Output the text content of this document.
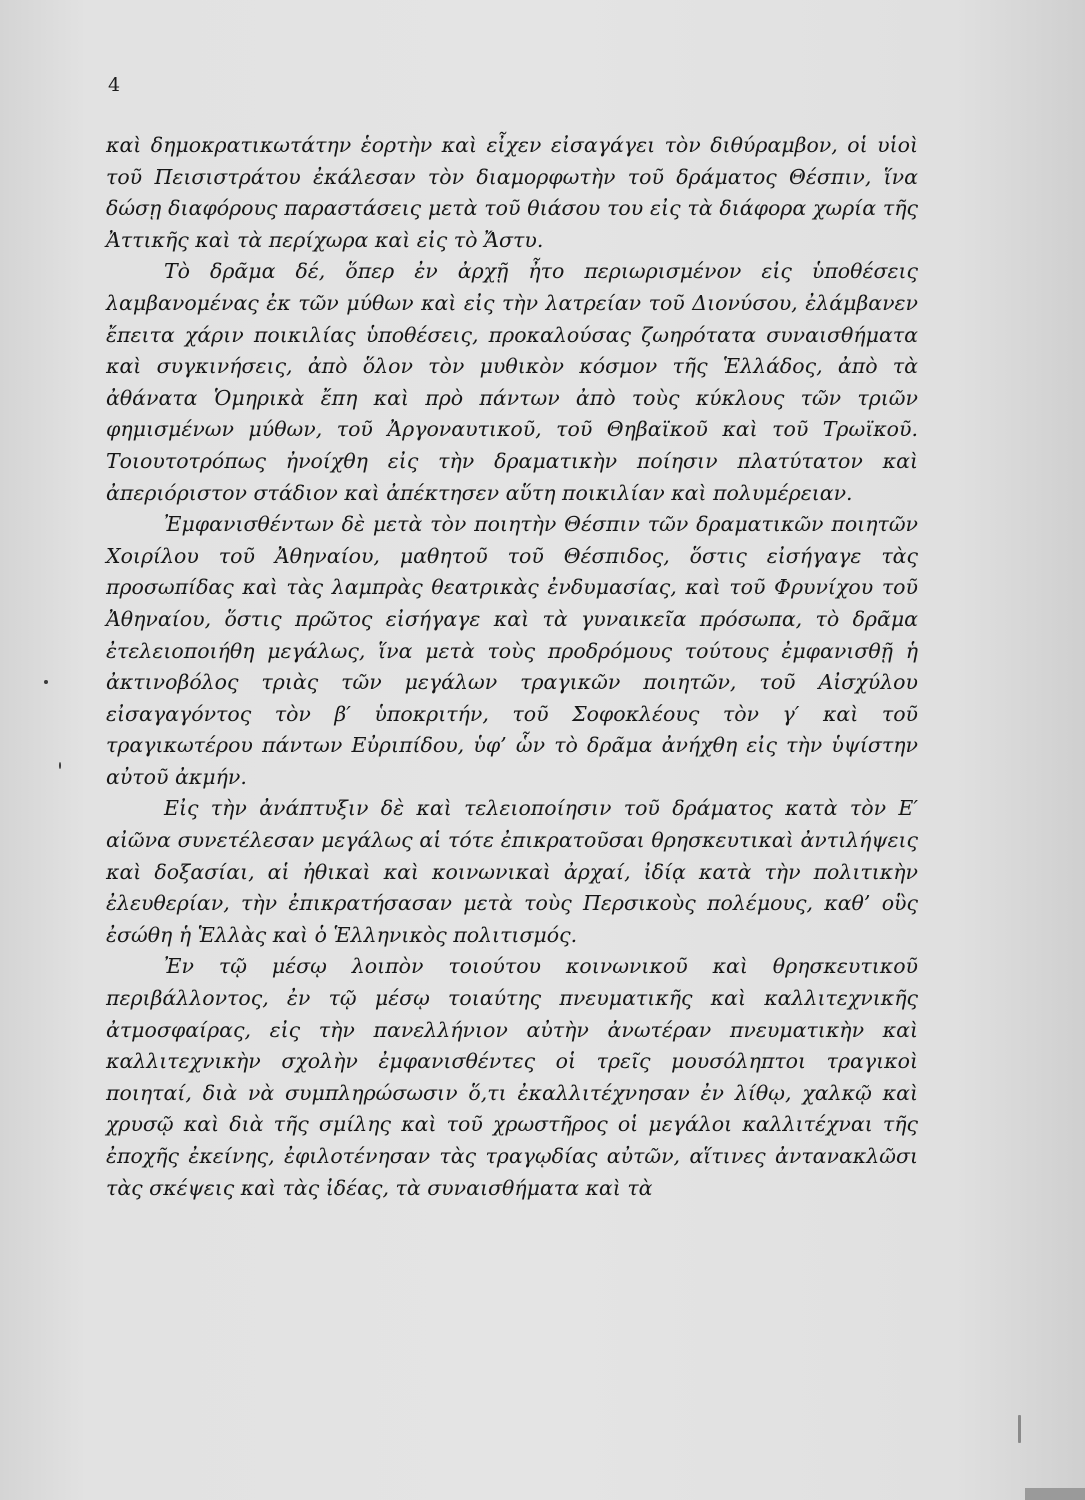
4

καὶ δημοκρατικωτάτην ἑορτὴν καὶ εἶχεν εἰσαγάγει τὸν διθύραμβον, οἱ υἱοὶ τοῦ Πεισιστράτου ἐκάλεσαν τὸν διαμορφωτὴν τοῦ δράματος Θέσπιν, ἵνα δώσῃ διαφόρους παραστάσεις μετὰ τοῦ θιάσου του εἰς τὰ διάφορα χωρία τῆς Ἀττικῆς καὶ τὰ περίχωρα καὶ εἰς τὸ Ἄστυ.

Τὸ δρᾶμα δέ, ὅπερ ἐν ἀρχῇ ἦτο περιωρισμένον εἰς ὑποθέσεις λαμβανομένας ἐκ τῶν μύθων καὶ εἰς τὴν λατρείαν τοῦ Διονύσου, ἐλάμβανεν ἔπειτα χάριν ποικιλίας ὑποθέσεις, προκαλούσας ζωηρότατα συναισθήματα καὶ συγκινήσεις, ἀπὸ ὅλον τὸν μυθικὸν κόσμον τῆς Ἑλλάδος, ἀπὸ τὰ ἀθάνατα Ὁμηρικὰ ἔπη καὶ πρὸ πάντων ἀπὸ τοὺς κύκλους τῶν τριῶν φημισμένων μύθων, τοῦ Ἀργοναυτικοῦ, τοῦ Θηβαϊκοῦ καὶ τοῦ Τρωϊκοῦ. Τοιουτοτρόπως ἠνοίχθη εἰς τὴν δραματικὴν ποίησιν πλατύτατον καὶ ἀπεριόριστον στάδιον καὶ ἀπέκτησεν αὕτη ποικιλίαν καὶ πολυμέρειαν.

Ἐμφανισθέντων δὲ μετὰ τὸν ποιητὴν Θέσπιν τῶν δραματικῶν ποιητῶν Χοιρίλου τοῦ Ἀθηναίου, μαθητοῦ τοῦ Θέσπιδος, ὅστις εἰσήγαγε τὰς προσωπίδας καὶ τὰς λαμπρὰς θεατρικὰς ἐνδυμασίας, καὶ τοῦ Φρυνίχου τοῦ Ἀθηναίου, ὅστις πρῶτος εἰσήγαγε καὶ τὰ γυναικεῖα πρόσωπα, τὸ δρᾶμα ἐτελειοποιήθη μεγάλως, ἵνα μετὰ τοὺς προδρόμους τούτους ἐμφανισθῇ ἡ ἀκτινοβόλος τριὰς τῶν μεγάλων τραγικῶν ποιητῶν, τοῦ Αἰσχύλου εἰσαγαγόντος τὸν β′ ὑποκριτήν, τοῦ Σοφοκλέους τὸν γ′ καὶ τοῦ τραγικωτέρου πάντων Εὐριπίδου, ὑφ’ ὧν τὸ δρᾶμα ἀνήχθη εἰς τὴν ὑψίστην αὐτοῦ ἀκμήν.

Εἰς τὴν ἀνάπτυξιν δὲ καὶ τελειοποίησιν τοῦ δράματος κατὰ τὸν Ε′ αἰῶνα συνετέλεσαν μεγάλως αἱ τότε ἐπικρατοῦσαι θρησκευτικαὶ ἀντιλήψεις καὶ δοξασίαι, αἱ ἠθικαὶ καὶ κοινωνικαὶ ἀρχαί, ἰδίᾳ κατὰ τὴν πολιτικὴν ἐλευθερίαν, τὴν ἐπικρατήσασαν μετὰ τοὺς Περσικοὺς πολέμους, καθ’ οὓς ἐσώθη ἡ Ἑλλὰς καὶ ὁ Ἑλληνικὸς πολιτισμός.

Ἐν τῷ μέσῳ λοιπὸν τοιούτου κοινωνικοῦ καὶ θρησκευτικοῦ περιβάλλοντος, ἐν τῷ μέσῳ τοιαύτης πνευματικῆς καὶ καλλιτεχνικῆς ἀτμοσφαίρας, εἰς τὴν πανελλήνιον αὐτὴν ἀνωτέραν πνευματικὴν καὶ καλλιτεχνικὴν σχολὴν ἐμφανισθέντες οἱ τρεῖς μουσόληπτοι τραγικοὶ ποιηταί, διὰ νὰ συμπληρώσωσιν ὅ,τι ἐκαλλιτέχνησαν ἐν λίθῳ, χαλκῷ καὶ χρυσῷ καὶ διὰ τῆς σμίλης καὶ τοῦ χρωστῆρος οἱ μεγάλοι καλλιτέχναι τῆς ἐποχῆς ἐκείνης, ἐφιλοτένησαν τὰς τραγῳδίας αὐτῶν, αἵτινες ἀντανακλῶσι τὰς σκέψεις καὶ τὰς ἰδέας, τὰ συναισθήματα καὶ τὰ
